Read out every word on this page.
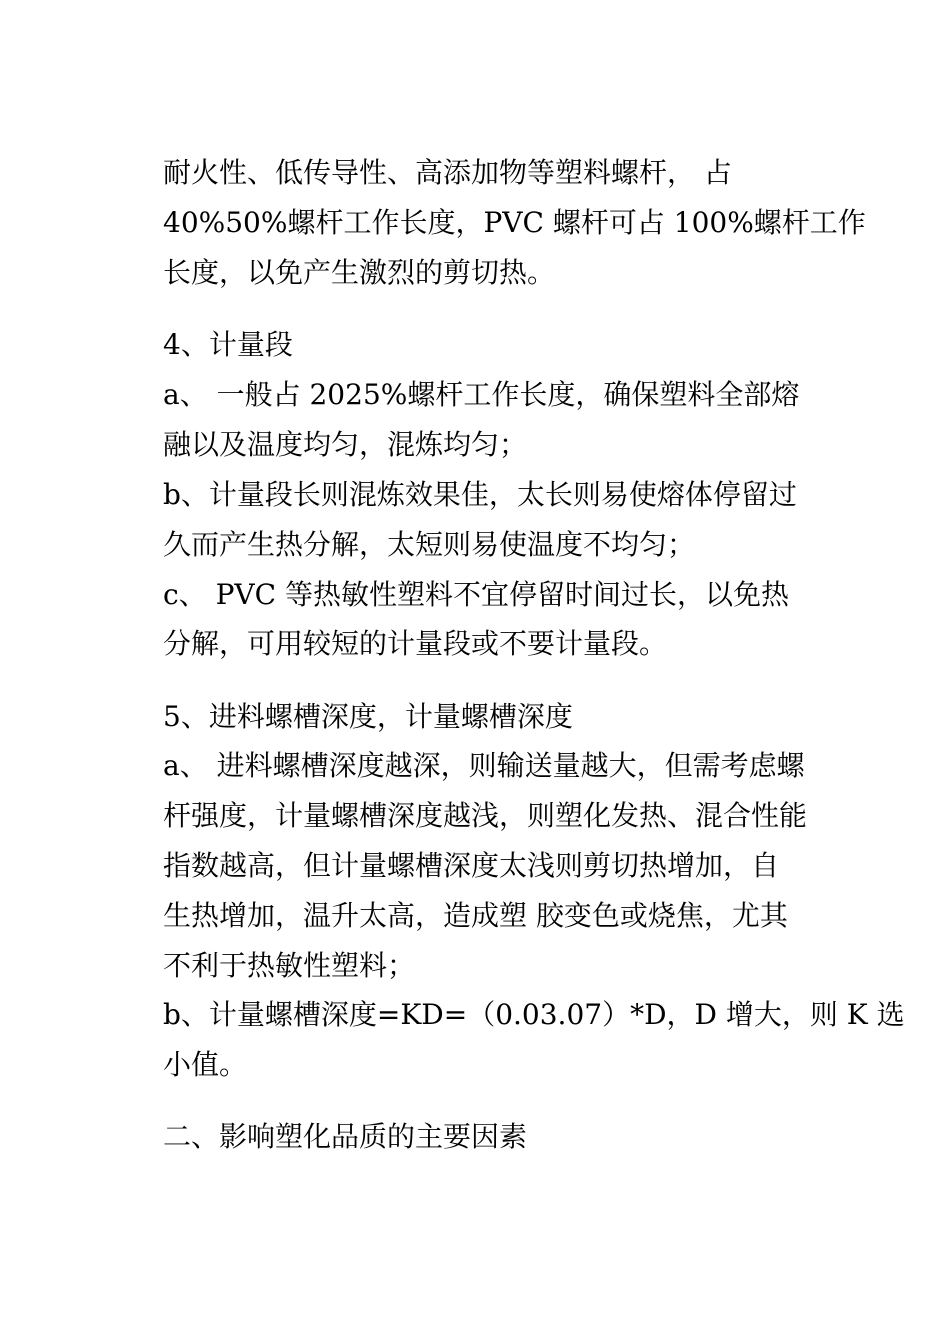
耐火性、低传导性、高添加物等塑料螺杆， 占
40%50%螺杆工作长度，PVC 螺杆可占 100%螺杆工作
长度，以免产生激烈的剪切热。
4、计量段
a、 一般占 2025%螺杆工作长度，确保塑料全部熔
融以及温度均匀，混炼均匀；
b、计量段长则混炼效果佳，太长则易使熔体停留过
久而产生热分解，太短则易使温度不均匀；
c、 PVC 等热敏性塑料不宜停留时间过长，以免热
分解，可用较短的计量段或不要计量段。
5、进料螺槽深度，计量螺槽深度
a、 进料螺槽深度越深，则输送量越大，但需考虑螺
杆强度，计量螺槽深度越浅，则塑化发热、混合性能
指数越高，但计量螺槽深度太浅则剪切热增加，自
生热增加，温升太高，造成塑 胶变色或烧焦，尤其
不利于热敏性塑料；
b、计量螺槽深度=KD=（0.03.07）*D，D 增大，则 K 选
小值。
二、影响塑化品质的主要因素
